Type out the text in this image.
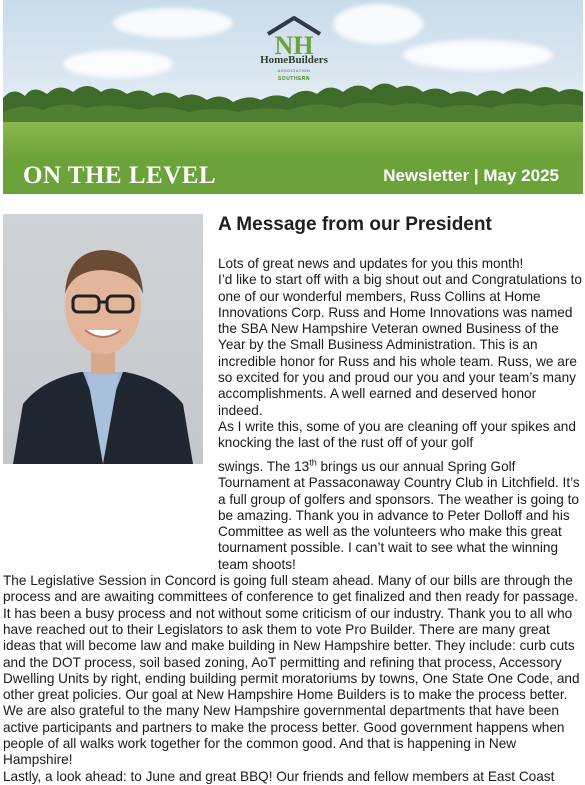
NH
HomeBuilders
ASSOCIATION
SOUTHERN
ON THE LEVEL	Newsletter | May 2025
A Message from our President

Lots of great news and updates for you this month!

I’d like to start off with a big shout out and Congratulations to one of our wonderful members, Russ Collins at Home Innovations Corp. Russ and Home Innovations was named the SBA New Hampshire Veteran owned Business of the Year by the Small Business Administration. This is an incredible honor for Russ and his whole team. Russ, we are so excited for you and proud our you and your team’s many accomplishments. A well earned and deserved honor indeed.

As I write this, some of you are cleaning off your spikes and knocking the last of the rust off of your golf

swings. The 13th brings us our annual Spring Golf Tournament at Passaconaway Country Club in Litchfield. It’s a full group of golfers and sponsors. The weather is going to be amazing. Thank you in advance to Peter Dolloff and his Committee as well as the volunteers who make this great tournament possible. I can’t wait to see what the winning team shoots!

The Legislative Session in Concord is going full steam ahead. Many of our bills are through the process and are awaiting committees of conference to get finalized and then ready for passage. It has been a busy process and not without some criticism of our industry. Thank you to all who have reached out to their Legislators to ask them to vote Pro Builder. There are many great ideas that will become law and make building in New Hampshire better. They include: curb cuts and the DOT process, soil based zoning, AoT permitting and refining that process, Accessory Dwelling Units by right, ending building permit moratoriums by towns, One State One Code, and other great policies. Our goal at New Hampshire Home Builders is to make the process better. We are also grateful to the many New Hampshire governmental departments that have been active participants and partners to make the process better. Good government happens when people of all walks work together for the common good. And that is happening in New Hampshire!

Lastly, a look ahead: to June and great BBQ! Our friends and fellow members at East Coast
